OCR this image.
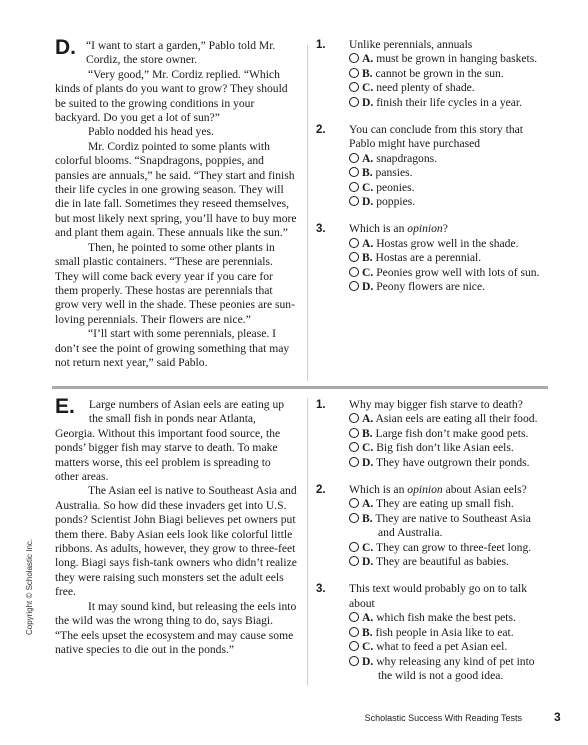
D. “I want to start a garden,” Pablo told Mr. Cordiz, the store owner.

“Very good,” Mr. Cordiz replied. “Which kinds of plants do you want to grow? They should be suited to the growing conditions in your backyard. Do you get a lot of sun?”

Pablo nodded his head yes.

Mr. Cordiz pointed to some plants with colorful blooms. “Snapdragons, poppies, and pansies are annuals,” he said. “They start and finish their life cycles in one growing season. They will die in late fall. Sometimes they reseed themselves, but most likely next spring, you’ll have to buy more and plant them again. These annuals like the sun.”

Then, he pointed to some other plants in small plastic containers. “These are perennials. They will come back every year if you care for them properly. These hostas are perennials that grow very well in the shade. These peonies are sun-loving perennials. Their flowers are nice.”

“I’ll start with some perennials, please. I don’t see the point of growing something that may not return next year,” said Pablo.

1. Unlike perennials, annuals

A. must be grown in hanging baskets.

B. cannot be grown in the sun.

C. need plenty of shade.

D. finish their life cycles in a year.

2. You can conclude from this story that Pablo might have purchased

A. snapdragons.

B. pansies.

C. peonies.

D. poppies.

3. Which is an opinion?

A. Hostas grow well in the shade.

B. Hostas are a perennial.

C. Peonies grow well with lots of sun.

D. Peony flowers are nice.

E.	Large numbers of Asian eels are eating up the small fish in ponds near Atlanta, Georgia. Without this important food source, the ponds’ bigger fish may starve to death. To make matters worse, this eel problem is spreading to other areas.

The Asian eel is native to Southeast Asia and Australia. So how did these invaders get into U.S. ponds? Scientist John Biagi believes pet owners put them there. Baby Asian eels look like colorful little ribbons. As adults, however, they grow to three-feet long. Biagi says fish-tank owners who didn’t realize they were raising such monsters set the adult eels free.

It may sound kind, but releasing the eels into the wild was the wrong thing to do, says Biagi. “The eels upset the ecosystem and may cause some native species to die out in the ponds.”

1. Why may bigger fish starve to death?

A. Asian eels are eating all their food.

B. Large fish don’t make good pets.

C. Big fish don’t like Asian eels.

D. They have outgrown their ponds.

2. Which is an opinion about Asian eels?

A. They are eating up small fish.

B. They are native to Southeast Asia and Australia.

C. They can grow to three-feet long.

D. They are beautiful as babies.

3. This text would probably go on to talk about

A. which fish make the best pets.

B. fish people in Asia like to eat.

C. what to feed a pet Asian eel.

D. why releasing any kind of pet into the wild is not a good idea.

Copyright © Scholastic Inc.
Scholastic Success With Reading Tests	3
